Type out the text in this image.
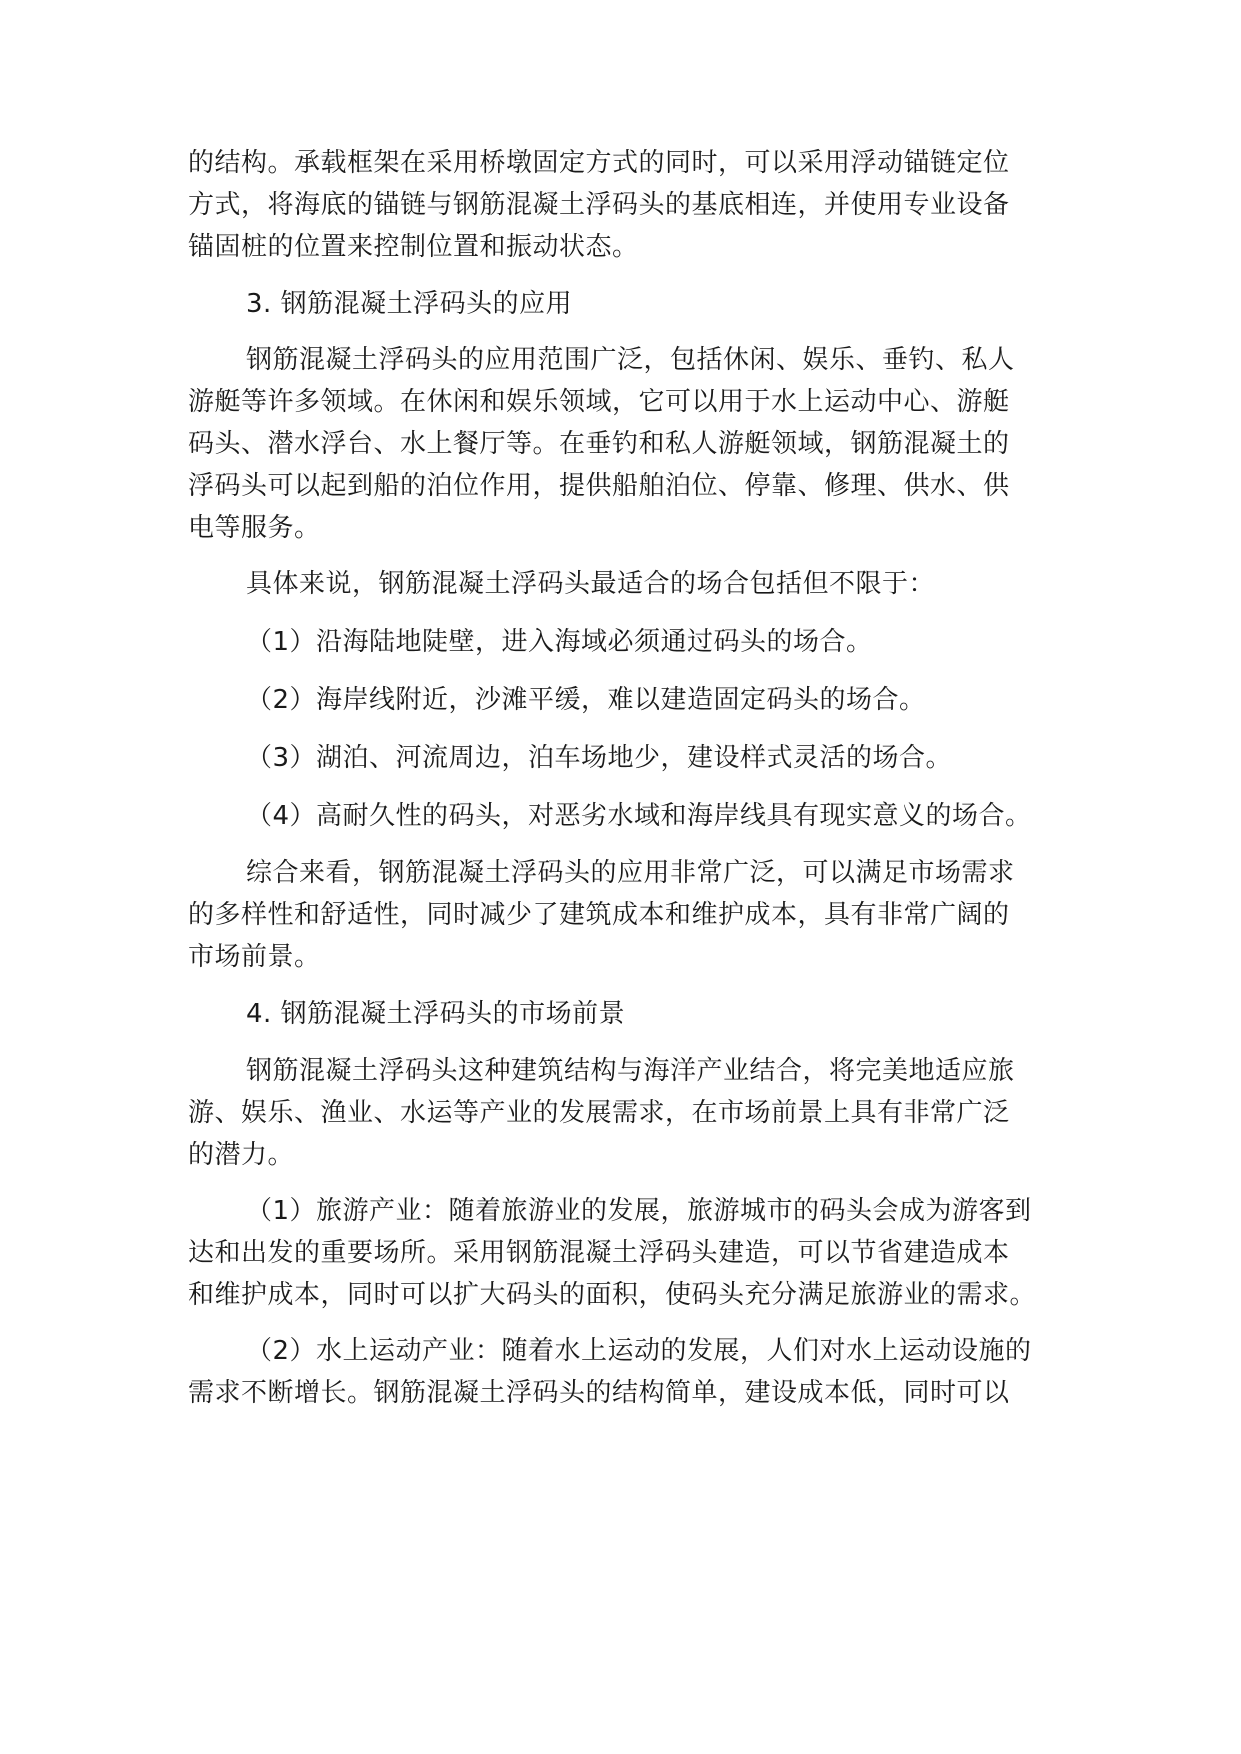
的结构。承载框架在采用桥墩固定方式的同时，可以采用浮动锚链定位
方式，将海底的锚链与钢筋混凝土浮码头的基底相连，并使用专业设备
锚固桩的位置来控制位置和振动状态。

3. 钢筋混凝土浮码头的应用

钢筋混凝土浮码头的应用范围广泛，包括休闲、娱乐、垂钓、私人
游艇等许多领域。在休闲和娱乐领域，它可以用于水上运动中心、游艇
码头、潜水浮台、水上餐厅等。在垂钓和私人游艇领域，钢筋混凝土的
浮码头可以起到船的泊位作用，提供船舶泊位、停靠、修理、供水、供
电等服务。

具体来说，钢筋混凝土浮码头最适合的场合包括但不限于：

（1）沿海陆地陡壁，进入海域必须通过码头的场合。

（2）海岸线附近，沙滩平缓，难以建造固定码头的场合。

（3）湖泊、河流周边，泊车场地少，建设样式灵活的场合。

（4）高耐久性的码头，对恶劣水域和海岸线具有现实意义的场合。

综合来看，钢筋混凝土浮码头的应用非常广泛，可以满足市场需求
的多样性和舒适性，同时减少了建筑成本和维护成本，具有非常广阔的
市场前景。

4. 钢筋混凝土浮码头的市场前景

钢筋混凝土浮码头这种建筑结构与海洋产业结合，将完美地适应旅
游、娱乐、渔业、水运等产业的发展需求，在市场前景上具有非常广泛
的潜力。

（1）旅游产业：随着旅游业的发展，旅游城市的码头会成为游客到
达和出发的重要场所。采用钢筋混凝土浮码头建造，可以节省建造成本
和维护成本，同时可以扩大码头的面积，使码头充分满足旅游业的需求。

（2）水上运动产业：随着水上运动的发展，人们对水上运动设施的
需求不断增长。钢筋混凝土浮码头的结构简单，建设成本低，同时可以
